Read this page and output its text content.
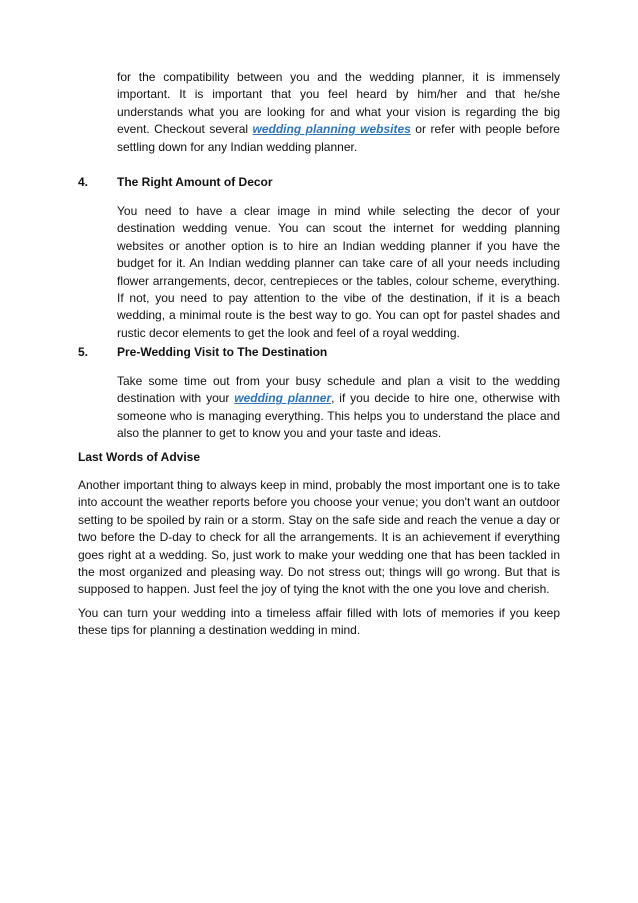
for the compatibility between you and the wedding planner, it is immensely important. It is important that you feel heard by him/her and that he/she understands what you are looking for and what your vision is regarding the big event. Checkout several wedding planning websites or refer with people before settling down for any Indian wedding planner.

4. The Right Amount of Decor

You need to have a clear image in mind while selecting the decor of your destination wedding venue. You can scout the internet for wedding planning websites or another option is to hire an Indian wedding planner if you have the budget for it. An Indian wedding planner can take care of all your needs including flower arrangements, decor, centrepieces or the tables, colour scheme, everything. If not, you need to pay attention to the vibe of the destination, if it is a beach wedding, a minimal route is the best way to go. You can opt for pastel shades and rustic decor elements to get the look and feel of a royal wedding.

5. Pre-Wedding Visit to The Destination

Take some time out from your busy schedule and plan a visit to the wedding destination with your wedding planner, if you decide to hire one, otherwise with someone who is managing everything. This helps you to understand the place and also the planner to get to know you and your taste and ideas.

Last Words of Advise

Another important thing to always keep in mind, probably the most important one is to take into account the weather reports before you choose your venue; you don't want an outdoor setting to be spoiled by rain or a storm. Stay on the safe side and reach the venue a day or two before the D-day to check for all the arrangements. It is an achievement if everything goes right at a wedding. So, just work to make your wedding one that has been tackled in the most organized and pleasing way. Do not stress out; things will go wrong. But that is supposed to happen. Just feel the joy of tying the knot with the one you love and cherish.

You can turn your wedding into a timeless affair filled with lots of memories if you keep these tips for planning a destination wedding in mind.
